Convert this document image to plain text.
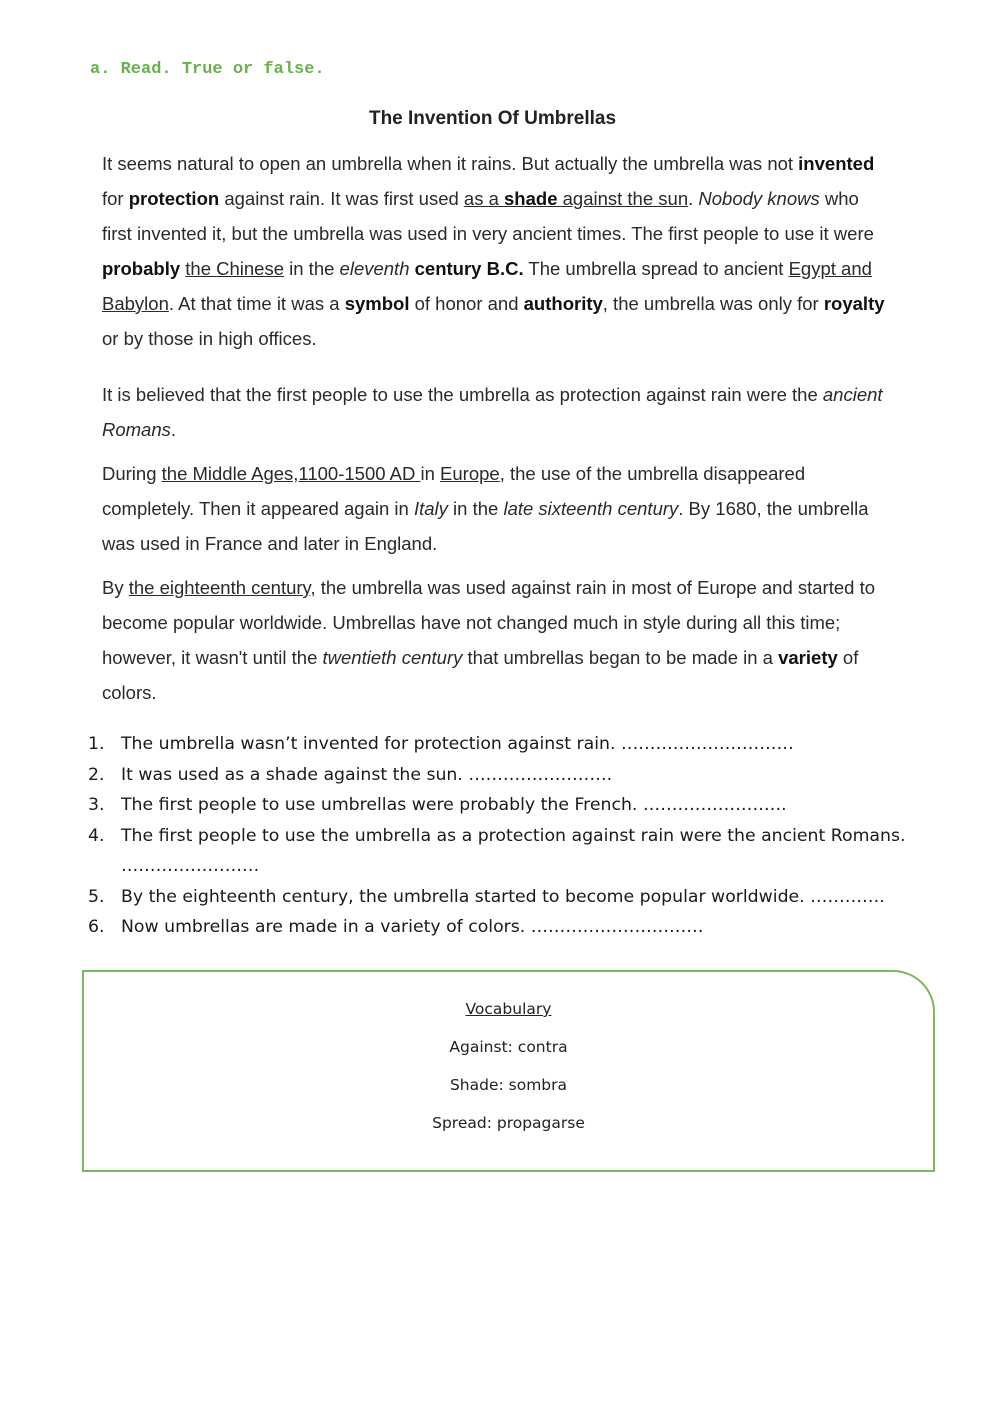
a. Read. True or false.
The Invention Of Umbrellas

It seems natural to open an umbrella when it rains. But actually the umbrella was not invented for protection against rain. It was first used as a shade against the sun. Nobody knows who first invented it, but the umbrella was used in very ancient times. The first people to use it were probably the Chinese in the eleventh century B.C. The umbrella spread to ancient Egypt and Babylon. At that time it was a symbol of honor and authority, the umbrella was only for royalty or by those in high offices.

It is believed that the first people to use the umbrella as protection against rain were the ancient Romans.

During the Middle Ages,1100-1500 AD in Europe, the use of the umbrella disappeared completely. Then it appeared again in Italy in the late sixteenth century. By 1680, the umbrella was used in France and later in England.

By the eighteenth century, the umbrella was used against rain in most of Europe and started to become popular worldwide. Umbrellas have not changed much in style during all this time; however, it wasn't until the twentieth century that umbrellas began to be made in a variety of colors.

1. The umbrella wasn’t invented for protection against rain. …………………………
2. It was used as a shade against the sun. …………………….
3. The first people to use umbrellas were probably the French. …………………….
4. The first people to use the umbrella as a protection against rain were the ancient Romans. ……………………
5. By the eighteenth century, the umbrella started to become popular worldwide. ………….
6. Now umbrellas are made in a variety of colors. …………………………
Vocabulary
Against: contra
Shade: sombra
Spread: propagarse
